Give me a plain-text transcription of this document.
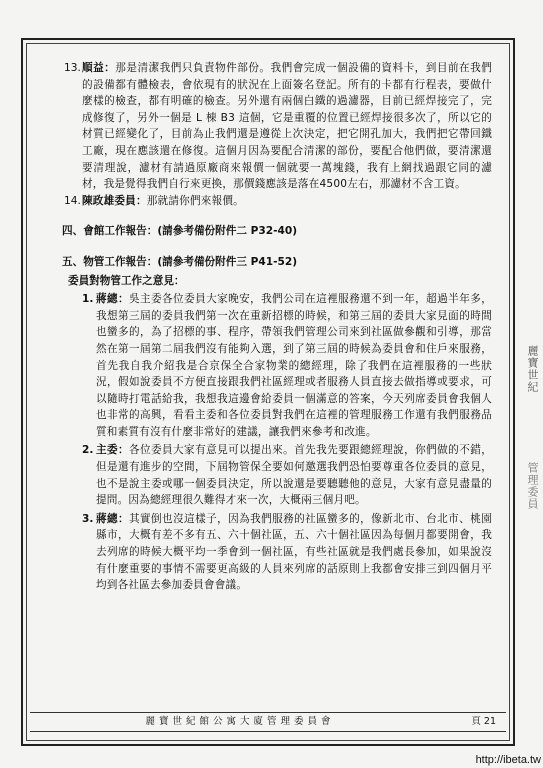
13. 順益：那是清潔我們只負責物件部份。我們會完成一個設備的資料卡，到目前在我們的設備都有體檢表，會依現有的狀況在上面簽名登記。所有的卡都有行程表，要做什麼樣的檢查，都有明確的檢查。另外還有兩個白鐵的過濾器，目前已經焊接完了，完成修復了，另外一個是 L 棟 B3 這個，它是重覆的位置已經焊接很多次了，所以它的材質已經變化了，目前為止我們還是遵從上次決定，把它開孔加大，我們把它帶回鐵工廠，現在應該還在修復。這個月因為要配合清潔的部份，要配合他們做，要清潔還要清理說，濾材有請過原廠商來報價一個就要一萬塊錢，我有上網找過跟它同的濾材，我是覺得我們自行來更換，那價錢應該是落在4500左右，那濾材不含工資。
14. 陳政雄委員：那就請你們來報價。
四、會館工作報告：(請參考備份附件二 P32-40)
五、物管工作報告：(請參考備份附件三 P41-52)
委員對物管工作之意見：
1. 蔣總：吳主委各位委員大家晚安，我們公司在這裡服務還不到一年，超過半年多，我想第三屆的委員我們第一次在重新招標的時候，和第三屆的委員大家見面的時間也蠻多的，為了招標的事、程序，帶領我們管理公司來到社區做參觀和引導，那當然在第一屆第二屆我們沒有能夠入選，到了第三屆的時候為委員會和住戶來服務，首先我自我介紹我是合京保全合家物業的總經理，除了我們在這裡服務的一些狀況，假如說委員不方便直接跟我們社區經理或者服務人員直接去做指導或要求，可以隨時打電話給我，我想我這邊會給委員一個滿意的答案，今天列席委員會我個人也非常的高興，看看主委和各位委員對我們在這裡的管理服務工作還有我們服務品質和素質有沒有什麼非常好的建議，讓我們來參考和改進。
2. 主委：各位委員大家有意見可以提出來。首先我先要跟總經理說，你們做的不錯，但是還有進步的空間，下屆物管保全要如何邀選我們恐怕要尊重各位委員的意見，也不是說主委或哪一個委員決定，所以說還是要聽聽他的意見，大家有意見盡量的提問。因為總經理很久難得才來一次，大概兩三個月吧。
3. 蔣總：其實倒也沒這樣子，因為我們服務的社區蠻多的，像新北市、台北市、桃園縣市，大概有差不多有五、六十個社區，五、六十個社區因為每個月都要開會，我去列席的時候大概平均一季會到一個社區，有些社區就是我們處長參加，如果說沒有什麼重要的事情不需要更高級的人員來列席的話原則上我都會安排三到四個月平均到各社區去參加委員會會議。
麗寶世紀館公寓大廈管理委員會	頁 21
麗寶世紀
管理委員
http://ibeta.tw
